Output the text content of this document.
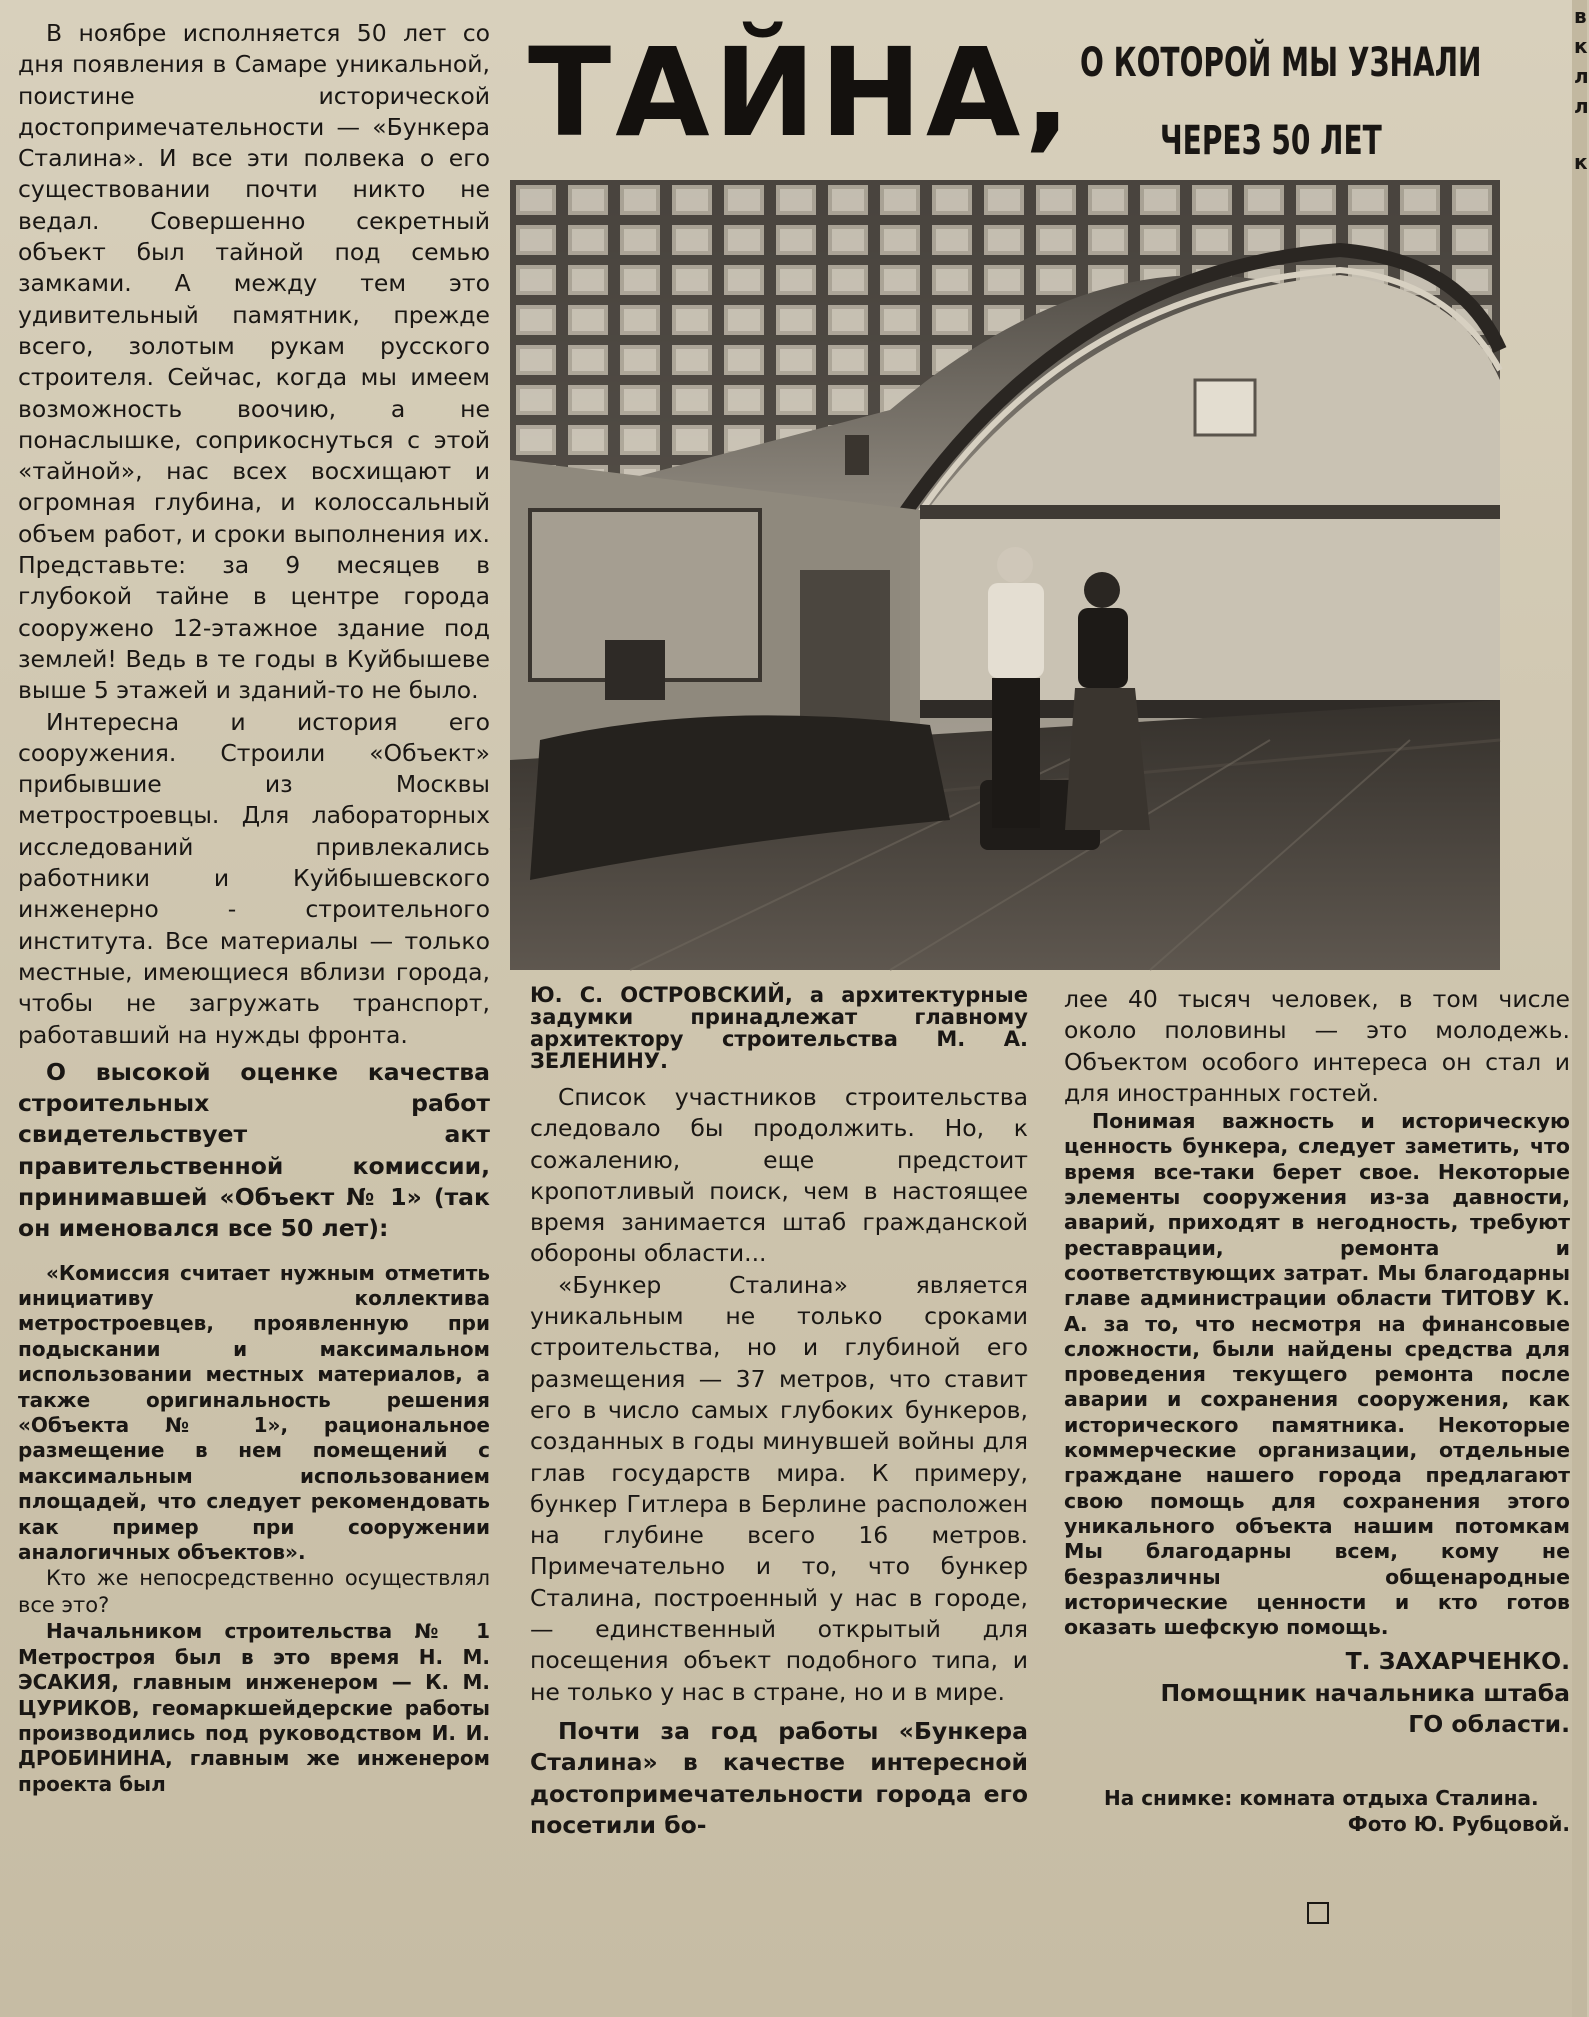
В ноябре исполняется 50 лет со дня появления в Самаре уникальной, поистине исторической достопримечательности — «Бункера Сталина». И все эти полвека о его существовании почти никто не ведал. Совершенно секретный объект был тайной под семью замками. А между тем это удивительный памятник, прежде всего, золотым рукам русского строителя. Сейчас, когда мы имеем возможность воочию, а не понаслышке, соприкоснуться с этой «тайной», нас всех восхищают и огромная глубина, и колоссальный объем работ, и сроки выполнения их. Представьте: за 9 месяцев в глубокой тайне в центре города сооружено 12-этажное здание под землей! Ведь в те годы в Куйбышеве выше 5 этажей и зданий-то не было.

Интересна и история его сооружения. Строили «Объект» прибывшие из Москвы метростроевцы. Для лабораторных исследований привлекались работники и Куйбышевского инженерно - строительного института. Все материалы — только местные, имеющиеся вблизи города, чтобы не загружать транспорт, работавший на нужды фронта.

О высокой оценке качества строительных работ свидетельствует акт правительственной комиссии, принимавшей «Объект № 1» (так он именовался все 50 лет):

«Комиссия считает нужным отметить инициативу коллектива метростроевцев, проявленную при подыскании и максимальном использовании местных материалов, а также оригинальность решения «Объекта № 1», рациональное размещение в нем помещений с максимальным использованием площадей, что следует рекомендовать как пример при сооружении аналогичных объектов».

Кто же непосредственно осуществлял все это?

Начальником строительства № 1 Метростроя был в это время Н. М. ЭСАКИЯ, главным инженером — К. М. ЦУРИКОВ, геомаркшейдерские работы производились под руководством И. И. ДРОБИНИНА, главным же инженером проекта был

ТАЙНА, О КОТОРОЙ МЫ УЗНАЛИ
ЧЕРЕЗ 50 ЛЕТ

Ю. С. ОСТРОВСКИЙ, а архитектурные задумки принадлежат главному архитектору строительства М. А. ЗЕЛЕНИНУ.

Список участников строительства следовало бы продолжить. Но, к сожалению, еще предстоит кропотливый поиск, чем в настоящее время занимается штаб гражданской обороны области...

«Бункер Сталина» является уникальным не только сроками строительства, но и глубиной его размещения — 37 метров, что ставит его в число самых глубоких бункеров, созданных в годы минувшей войны для глав государств мира. К примеру, бункер Гитлера в Берлине расположен на глубине всего 16 метров. Примечательно и то, что бункер Сталина, построенный у нас в городе,— единственный открытый для посещения объект подобного типа, и не только у нас в стране, но и в мире.

Почти за год работы «Бункера Сталина» в качестве интересной достопримечательности города его посетили бо-

лее 40 тысяч человек, в том числе около половины — это молодежь. Объектом особого интереса он стал и для иностранных гостей.

Понимая важность и историческую ценность бункера, следует заметить, что время все-таки берет свое. Некоторые элементы сооружения из-за давности, аварий, приходят в негодность, требуют реставрации, ремонта и соответствующих затрат. Мы благодарны главе администрации области ТИТОВУ К. А. за то, что несмотря на финансовые сложности, были найдены средства для проведения текущего ремонта после аварии и сохранения сооружения, как исторического памятника. Некоторые коммерческие организации, отдельные граждане нашего города предлагают свою помощь для сохранения этого уникального объекта нашим потомкам Мы благодарны всем, кому не безразличны общенародные исторические ценности и кто готов оказать шефскую помощь.

Т. ЗАХАРЧЕНКО.

Помощник начальника штаба

ГО области.

На снимке: комната отдыха Сталина.

Фото Ю. Рубцовой.

в
к
л
л
к
